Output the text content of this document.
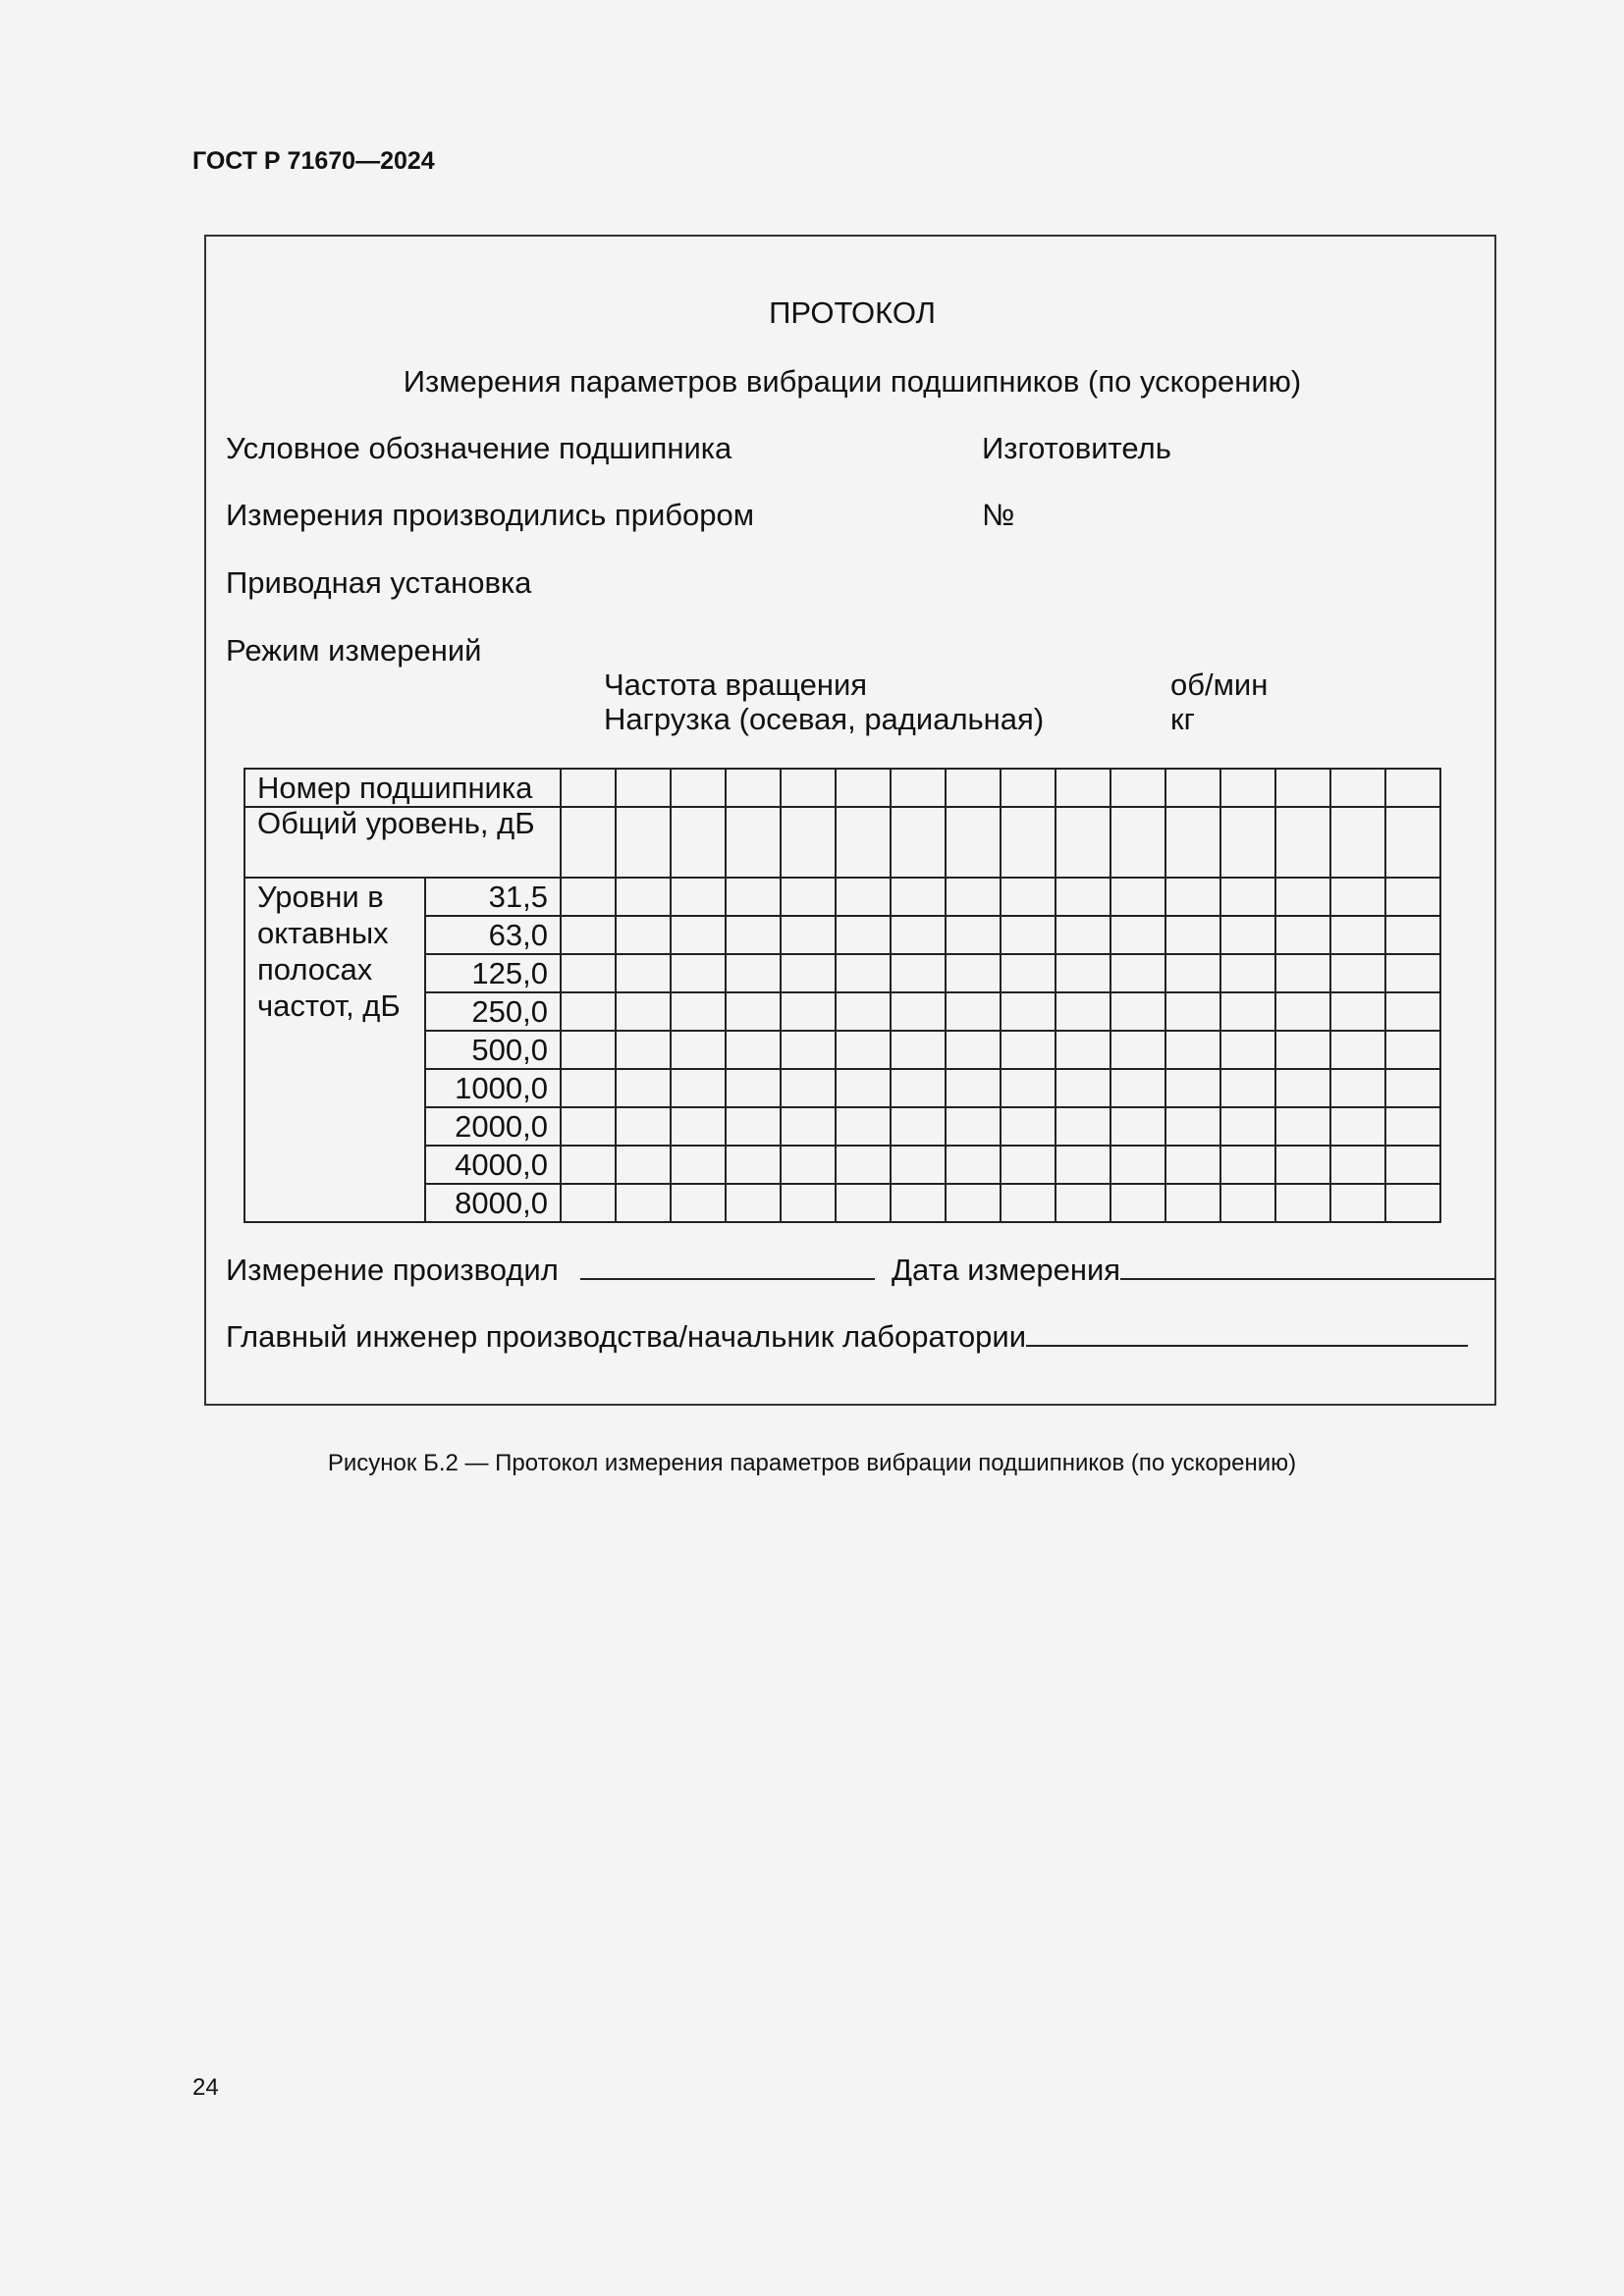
ГОСТ Р 71670—2024
ПРОТОКОЛ
Измерения параметров вибрации подшипников (по ускорению)
Условное обозначение подшипника	Изготовитель
Измерения производились прибором	№
Приводная установка
Режим измерений
Частота вращения	об/мин
Нагрузка (осевая, радиальная)	кг
Номер подшипника																	
Общий уровень, дБ																	
Уровни в октавных полосах частот, дБ	31,5																
	63,0																
	125,0																
	250,0																
	500,0																
	1000,0																
	2000,0																
	4000,0																
	8000,0																
Измерение производил	Дата измерения
Главный инженер производства/начальник лаборатории
Рисунок Б.2 — Протокол измерения параметров вибрации подшипников (по ускорению)
24
